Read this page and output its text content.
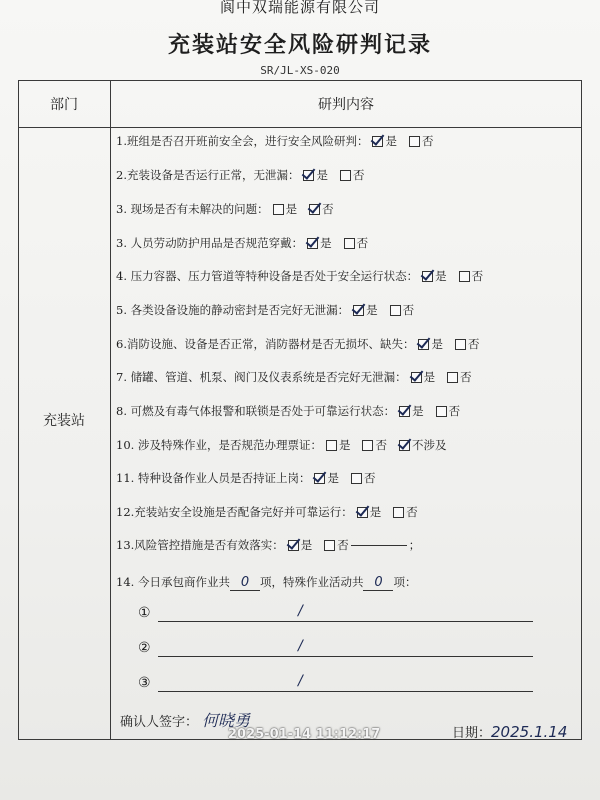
阆中双瑞能源有限公司
充装站安全风险研判记录
SR/JL-XS-020
部门	研判内容
充装站
1.班组是否召开班前安全会，进行安全风险研判： 是 否
2.充装设备是否运行正常，无泄漏： 是 否
3. 现场是否有未解决的问题： 是 否
3. 人员劳动防护用品是否规范穿戴： 是 否
4. 压力容器、压力管道等特种设备是否处于安全运行状态： 是 否
5. 各类设备设施的静动密封是否完好无泄漏： 是 否
6.消防设施、设备是否正常，消防器材是否无损坏、缺失： 是 否
7. 储罐、管道、机泵、阀门及仪表系统是否完好无泄漏： 是 否
8. 可燃及有毒气体报警和联锁是否处于可靠运行状态： 是 否
10. 涉及特殊作业，是否规范办理票证： 是 否 不涉及
11. 特种设备作业人员是否持证上岗： 是 否
12.充装站安全设施是否配备完好并可靠运行： 是 否
13.风险管控措施是否有效落实： 是 否	；
14. 今日承包商作业共 0 项，特殊作业活动共 0 项：
①	/
②	/
③	/
确认人签字： 何晓勇
2025-01-14 11:12:17	日期：2025.1.14
